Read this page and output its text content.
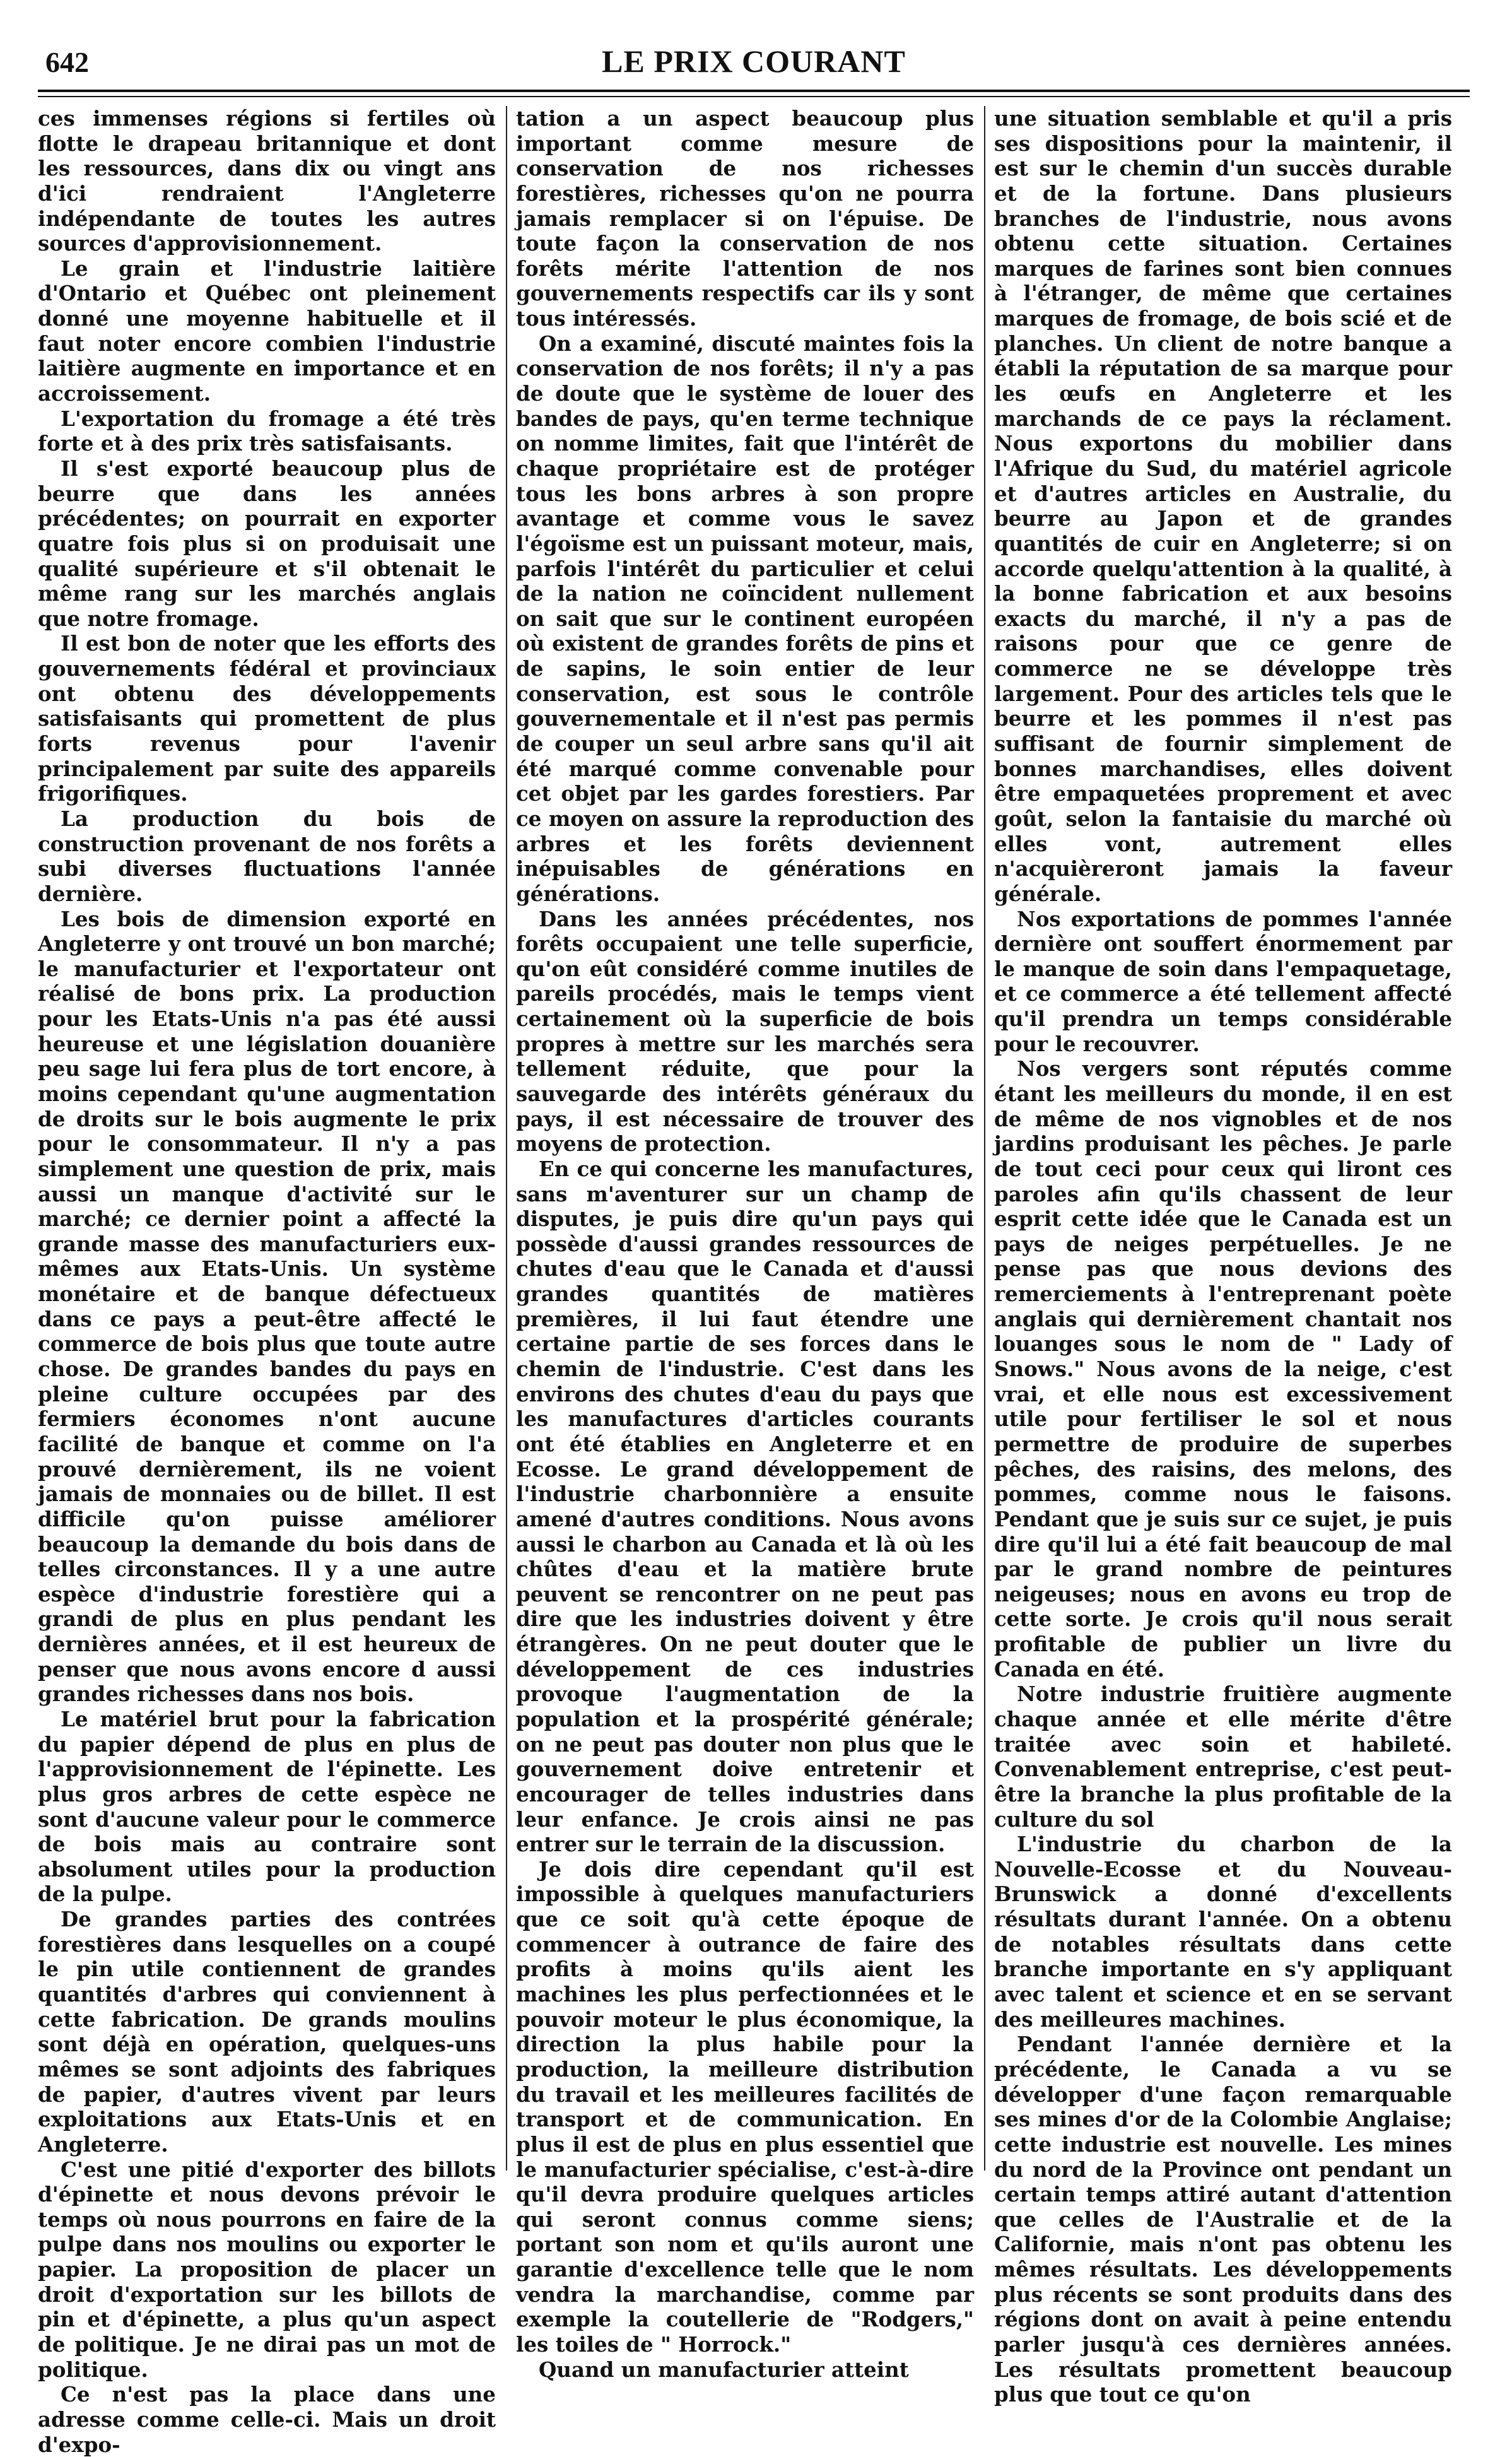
642	LE PRIX COURANT

ces immenses régions si fertiles où flotte le drapeau britannique et dont les ressources, dans dix ou vingt ans d'ici rendraient l'Angleterre indépendante de toutes les autres sources d'approvisionnement.

Le grain et l'industrie laitière d'Ontario et Québec ont pleinement donné une moyenne habituelle et il faut noter encore combien l'industrie laitière augmente en importance et en accroissement.

L'exportation du fromage a été très forte et à des prix très satisfaisants.

Il s'est exporté beaucoup plus de beurre que dans les années précédentes; on pourrait en exporter quatre fois plus si on produisait une qualité supérieure et s'il obtenait le même rang sur les marchés anglais que notre fromage.

Il est bon de noter que les efforts des gouvernements fédéral et provinciaux ont obtenu des développements satisfaisants qui promettent de plus forts revenus pour l'avenir principalement par suite des appareils frigorifiques.

La production du bois de construction provenant de nos forêts a subi diverses fluctuations l'année dernière.

Les bois de dimension exporté en Angleterre y ont trouvé un bon marché; le manufacturier et l'exportateur ont réalisé de bons prix. La production pour les Etats-Unis n'a pas été aussi heureuse et une législation douanière peu sage lui fera plus de tort encore, à moins cependant qu'une augmentation de droits sur le bois augmente le prix pour le consommateur. Il n'y a pas simplement une question de prix, mais aussi un manque d'activité sur le marché; ce dernier point a affecté la grande masse des manufacturiers eux-mêmes aux Etats-Unis. Un système monétaire et de banque défectueux dans ce pays a peut-être affecté le commerce de bois plus que toute autre chose. De grandes bandes du pays en pleine culture occupées par des fermiers économes n'ont aucune facilité de banque et comme on l'a prouvé dernièrement, ils ne voient jamais de monnaies ou de billet. Il est difficile qu'on puisse améliorer beaucoup la demande du bois dans de telles circonstances. Il y a une autre espèce d'industrie forestière qui a grandi de plus en plus pendant les dernières années, et il est heureux de penser que nous avons encore d aussi grandes richesses dans nos bois.

Le matériel brut pour la fabrication du papier dépend de plus en plus de l'approvisionnement de l'épinette. Les plus gros arbres de cette espèce ne sont d'aucune valeur pour le commerce de bois mais au contraire sont absolument utiles pour la production de la pulpe.

De grandes parties des contrées forestières dans lesquelles on a coupé le pin utile contiennent de grandes quantités d'arbres qui conviennent à cette fabrication. De grands moulins sont déjà en opération, quelques-uns mêmes se sont adjoints des fabriques de papier, d'autres vivent par leurs exploitations aux Etats-Unis et en Angleterre.

C'est une pitié d'exporter des billots d'épinette et nous devons prévoir le temps où nous pourrons en faire de la pulpe dans nos moulins ou exporter le papier. La proposition de placer un droit d'exportation sur les billots de pin et d'épinette, a plus qu'un aspect de politique. Je ne dirai pas un mot de politique.

Ce n'est pas la place dans une adresse comme celle-ci. Mais un droit d'expo-

tation a un aspect beaucoup plus important comme mesure de conservation de nos richesses forestières, richesses qu'on ne pourra jamais remplacer si on l'épuise. De toute façon la conservation de nos forêts mérite l'attention de nos gouvernements respectifs car ils y sont tous intéressés.

On a examiné, discuté maintes fois la conservation de nos forêts; il n'y a pas de doute que le système de louer des bandes de pays, qu'en terme technique on nomme limites, fait que l'intérêt de chaque propriétaire est de protéger tous les bons arbres à son propre avantage et comme vous le savez l'égoïsme est un puissant moteur, mais, parfois l'intérêt du particulier et celui de la nation ne coïncident nullement on sait que sur le continent européen où existent de grandes forêts de pins et de sapins, le soin entier de leur conservation, est sous le contrôle gouvernementale et il n'est pas permis de couper un seul arbre sans qu'il ait été marqué comme convenable pour cet objet par les gardes forestiers. Par ce moyen on assure la reproduction des arbres et les forêts deviennent inépuisables de générations en générations.

Dans les années précédentes, nos forêts occupaient une telle superficie, qu'on eût considéré comme inutiles de pareils procédés, mais le temps vient certainement où la superficie de bois propres à mettre sur les marchés sera tellement réduite, que pour la sauvegarde des intérêts généraux du pays, il est nécessaire de trouver des moyens de protection.

En ce qui concerne les manufactures, sans m'aventurer sur un champ de disputes, je puis dire qu'un pays qui possède d'aussi grandes ressources de chutes d'eau que le Canada et d'aussi grandes quantités de matières premières, il lui faut étendre une certaine partie de ses forces dans le chemin de l'industrie. C'est dans les environs des chutes d'eau du pays que les manufactures d'articles courants ont été établies en Angleterre et en Ecosse. Le grand développement de l'industrie charbonnière a ensuite amené d'autres conditions. Nous avons aussi le charbon au Canada et là où les chûtes d'eau et la matière brute peuvent se rencontrer on ne peut pas dire que les industries doivent y être étrangères. On ne peut douter que le développement de ces industries provoque l'augmentation de la population et la prospérité générale; on ne peut pas douter non plus que le gouvernement doive entretenir et encourager de telles industries dans leur enfance. Je crois ainsi ne pas entrer sur le terrain de la discussion.

Je dois dire cependant qu'il est impossible à quelques manufacturiers que ce soit qu'à cette époque de commencer à outrance de faire des profits à moins qu'ils aient les machines les plus perfectionnées et le pouvoir moteur le plus économique, la direction la plus habile pour la production, la meilleure distribution du travail et les meilleures facilités de transport et de communication. En plus il est de plus en plus essentiel que le manufacturier spécialise, c'est-à-dire qu'il devra produire quelques articles qui seront connus comme siens; portant son nom et qu'ils auront une garantie d'excellence telle que le nom vendra la marchandise, comme par exemple la coutellerie de "Rodgers," les toiles de " Horrock."

Quand un manufacturier atteint

une situation semblable et qu'il a pris ses dispositions pour la maintenir, il est sur le chemin d'un succès durable et de la fortune. Dans plusieurs branches de l'industrie, nous avons obtenu cette situation. Certaines marques de farines sont bien connues à l'étranger, de même que certaines marques de fromage, de bois scié et de planches. Un client de notre banque a établi la réputation de sa marque pour les œufs en Angleterre et les marchands de ce pays la réclament. Nous exportons du mobilier dans l'Afrique du Sud, du matériel agricole et d'autres articles en Australie, du beurre au Japon et de grandes quantités de cuir en Angleterre; si on accorde quelqu'attention à la qualité, à la bonne fabrication et aux besoins exacts du marché, il n'y a pas de raisons pour que ce genre de commerce ne se développe très largement. Pour des articles tels que le beurre et les pommes il n'est pas suffisant de fournir simplement de bonnes marchandises, elles doivent être empaquetées proprement et avec goût, selon la fantaisie du marché où elles vont, autrement elles n'acquièreront jamais la faveur générale.

Nos exportations de pommes l'année dernière ont souffert énormement par le manque de soin dans l'empaquetage, et ce commerce a été tellement affecté qu'il prendra un temps considérable pour le recouvrer.

Nos vergers sont réputés comme étant les meilleurs du monde, il en est de même de nos vignobles et de nos jardins produisant les pêches. Je parle de tout ceci pour ceux qui liront ces paroles afin qu'ils chassent de leur esprit cette idée que le Canada est un pays de neiges perpétuelles. Je ne pense pas que nous devions des remerciements à l'entreprenant poète anglais qui dernièrement chantait nos louanges sous le nom de " Lady of Snows." Nous avons de la neige, c'est vrai, et elle nous est excessivement utile pour fertiliser le sol et nous permettre de produire de superbes pêches, des raisins, des melons, des pommes, comme nous le faisons. Pendant que je suis sur ce sujet, je puis dire qu'il lui a été fait beaucoup de mal par le grand nombre de peintures neigeuses; nous en avons eu trop de cette sorte. Je crois qu'il nous serait profitable de publier un livre du Canada en été.

Notre industrie fruitière augmente chaque année et elle mérite d'être traitée avec soin et habileté. Convenablement entreprise, c'est peut-être la branche la plus profitable de la culture du sol

L'industrie du charbon de la Nouvelle-Ecosse et du Nouveau-Brunswick a donné d'excellents résultats durant l'année. On a obtenu de notables résultats dans cette branche importante en s'y appliquant avec talent et science et en se servant des meilleures machines.

Pendant l'année dernière et la précédente, le Canada a vu se développer d'une façon remarquable ses mines d'or de la Colombie Anglaise; cette industrie est nouvelle. Les mines du nord de la Province ont pendant un certain temps attiré autant d'attention que celles de l'Australie et de la Californie, mais n'ont pas obtenu les mêmes résultats. Les développements plus récents se sont produits dans des régions dont on avait à peine entendu parler jusqu'à ces dernières années. Les résultats promettent beaucoup plus que tout ce qu'on
